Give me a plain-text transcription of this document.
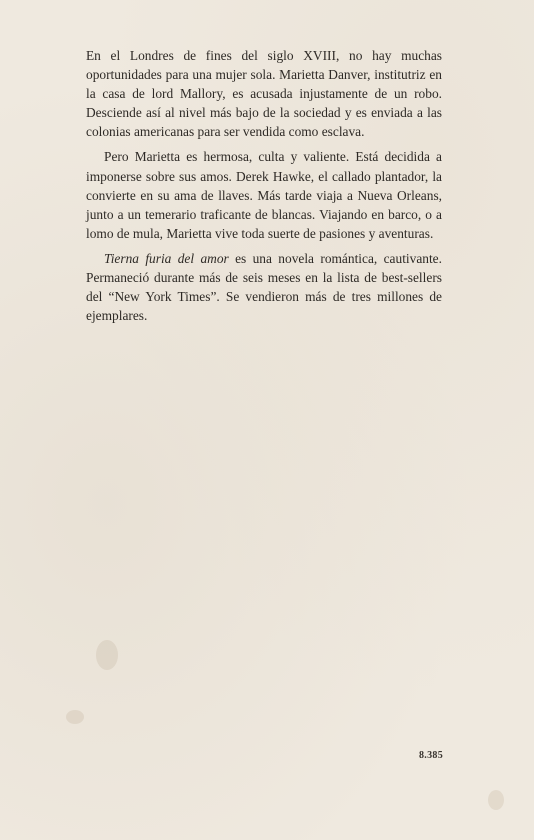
En el Londres de fines del siglo XVIII, no hay muchas oportunidades para una mujer sola. Marietta Danver, institutriz en la casa de lord Mallory, es acusada injustamente de un robo. Desciende así al nivel más bajo de la sociedad y es enviada a las colonias americanas para ser vendida como esclava.

Pero Marietta es hermosa, culta y valiente. Está decidida a imponerse sobre sus amos. Derek Hawke, el callado plantador, la convierte en su ama de llaves. Más tarde viaja a Nueva Orleans, junto a un temerario traficante de blancas. Viajando en barco, o a lomo de mula, Marietta vive toda suerte de pasiones y aventuras.

Tierna furia del amor es una novela romántica, cautivante. Permaneció durante más de seis meses en la lista de best-sellers del “New York Times”. Se vendieron más de tres millones de ejemplares.

8.385
